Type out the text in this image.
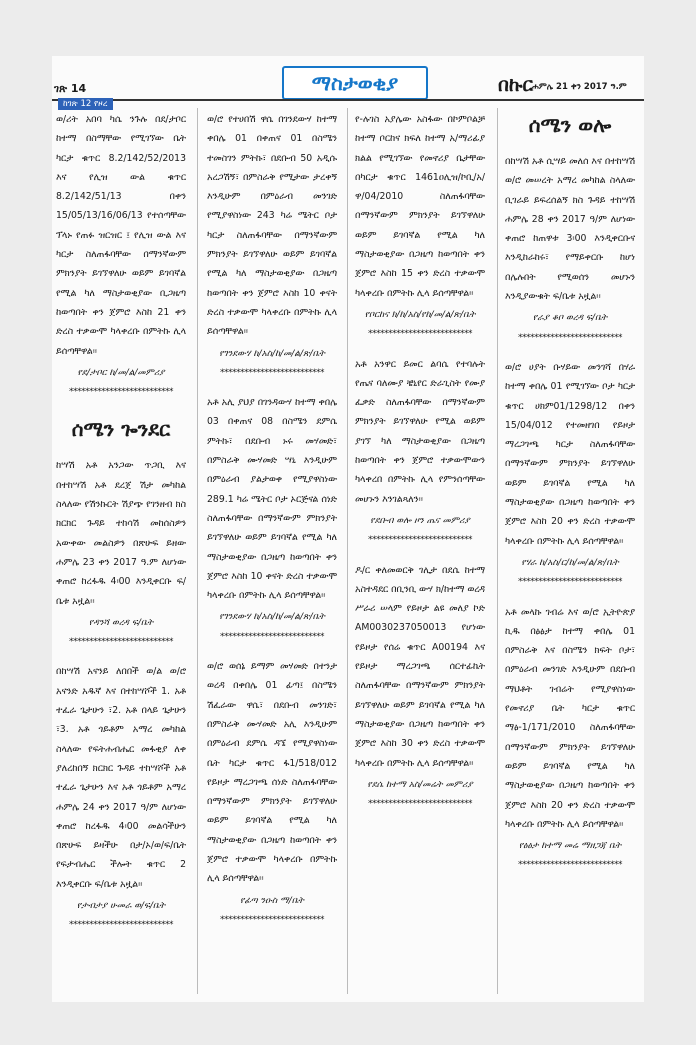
ገጽ 14	ማስታወቂያ	በኩር ሐምሌ 21 ቀን 2017 ዓ.ም
ከገጽ 12 የዞረ

ወ/ሪት አበባ ካሴ ንጉሉ በደ/ታቦር ከተማ በስማቸው የሚገኘው ቤት ካርታ ቁጥር 8.2/142/52/2013 እና የሊዝ ውል ቁጥር 8.2/142/51/13 በቀን 15/05/13/16/06/13 የተሰጣቸው ፕላኑ የጠፉ ዝርዝር ፤ የሊዝ ውል እና ካርታ ስለጠፋባቸው በማንኛውም ምክንያት ይገኘዋለሁ ወይም ይገባኛል የሚል ካለ ማስታወቂያው ቢጋዜጣ ከወጣበት ቀን ጀምሮ እስከ 21 ቀን ድረስ ተቃውሞ ካላቀረቡ በምትኩ ሊላ ይሰጣቸዋል፡፡

የደ/ታቦር ከ/መ/ል/መምሪያ
**************************
ሰሜን ጐንደር

ከሣሽ አቶ አንጋው ጥጋቢ እና በተከሣሽ አቶ ደረጀ ሽታ መካከል ስላለው የሽንኩርት ሽያጭ የገንዘብ ክስ ክርክር ጉዳይ ተከሳሽ መከሰስዎን አውቀው መልስዎን በጽሁፍ ይዘው ሐምሌ 23 ቀን 2017 ዓ.ም ለሆነው ቀጠሮ ከረፋዱ 4፡00 እንዲቀርቡ ፍ/ቤቱ አዟል፡፡

የዳንሻ ወረዳ ፍ/ቤት
**************************

በከሣሽ አናንይ ለበበች ወ/ል ወ/ሮ አናንድ አዱኛ እና በተከሣሾች 1. አቶ ተፈራ ጌታሁን ፣2. አቶ በላይ ጌታሁን ፣3. አቶ ጎይቶም አማረ መካከል ስላለው የፍትሐብሔር መፋቂያ ለቀ ያለረከበኝ ክርክር ጉዳይ ተከሣሾች አቶ ተፈራ ጌታሁን እና አቶ ጎይቶም አማረ ሐምሌ 24 ቀን 2017 ዓ/ም ለሆነው ቀጠሮ ከረፋዱ 4፡00 መልሳችሁን በጽሁፍ ይዛችሁ በታ/ኦ/ወ/ፍ/ቤት የፍታብሔር ችሎት ቁጥር 2 እንዲቀርቡ ፍ/ቤቱ አዟል፡፡

የታብታያ ሁመራ ወ/ፍ/ቤት
**************************

ወ/ሮ የተሀበሽ ዋሴ በገንደውሃ ከተማ ቀበሌ 01 በቀጠና 01 በስሜን ተመስገን ምትኩ፣ በደቡብ 50 አዲሱ አረጋሽኝ፣ በምስራቅ የሚታው ታረቀኝ እንዲሁም በምዕራብ መንገድ የሚያዋስነው 243 ካሬ ሜትር ቦታ ካርታ ስለጠፋባቸው በማንኛውም ምክንያት ይገኘዋለሁ ወይም ይገባኛል የሚል ካለ ማስታወቂያው በጋዜጣ ከወጣበት ቀን ጀምሮ እስከ 10 ቀናት ድረስ ተቃውሞ ካላቀረቡ በምትኩ ሊላ ይሰጣቸዋል፡፡

የገንደውሃ ከ/አስ/ከ/መ/ል/ጽ/ቤት
**************************

አቶ አሊ ያህያ በገንዳውሃ ከተማ ቀበሌ 03 በቀጠና 08 በስሜን ደምሴ ምትኩ፣ በደቡብ ኑሩ መሃመድ፣ በምስራቅ ሙሃመድ ሣኒ እንዲሁም በምዕራብ ያልታወቀ የሚያዋስነው 289.1 ካሬ ሜትር ቦታ ኦርጅናል ሰነድ ስለጠፋባቸው በማንኛውም ምክንያት ይገኘዋለሁ ወይም ይገባኛል የሚል ካለ ማስታወቂያው በጋዜጣ ከወጣበት ቀን ጀምሮ እስከ 10 ቀናት ድረስ ተቃውሞ ካላቀረቡ በምትኩ ሊላ ይሰጣቸዋል፡፡

የገንደውሃ ከ/አስ/ከ/መ/ል/ጽ/ቤት
**************************

ወ/ሮ ወሰኔ ይማም መሃመድ በተንታ ወረዳ በቀበሌ 01 ፊጣ፤ በስሜን ሽፈራው ዋሴ፣ በደቡብ መንገድ፣ በምስራቅ ሙሃመድ አሊ እንዲሁም በምዕራብ ደምሴ ዳኜ የሚያዋስነው ቤት ካርታ ቁጥር ፋ1/518/012 የይዞታ ማረጋገጫ ሰነድ ስለጠፋባቸው በማንኛውም ምክንያት ይገኘዋለሁ ወይም ይገባኛል የሚል ካለ ማስታወቂያው በጋዜጣ ከወጣበት ቀን ጀምሮ ተቃውሞ ካላቀረቡ በምትኩ ሊላ ይሰጣቸዋል፡፡

የፊጣ ንዑስ ማ/ቤት
**************************

የ-ሉገስ አያሌው አስፋው በኮምቦልቻ ከተማ ቦርከና ክፍለ ከተማ አ/ማሪፊያ ክልል የሚገኘው የመኖሪያ ቤታቸው በካርታ ቁጥር 1461ዐሊዝ/ኮቢ/አ/ዋ/04/2010 ስለጠፋባቸው በማንኛውም ምክንያት ይገኘዋለሁ ወይም ይገባኛል የሚል ካለ ማስታወቂያው በጋዜጣ ከወጣበት ቀን ጀምሮ እስከ 15 ቀን ድረስ ተቃውሞ ካላቀረቡ በምትኩ ሊላ ይሰጣቸዋል፡፡

የቦርከና ክ/ከ/አስ/የከ/መ/ል/ጽ/ቤት
**************************

አቶ አንዋር ይመር ልባሴ የተባሉት የጤና ባለሙያ ቼኒየር ድራጊስት የሙያ ፈቃድ ስለጠፋባቸው በማንኛውም ምክንያት ይገኘዋለሁ የሚል ወይም ያገኘ ካለ ማስታወቂያው በጋዜጣ ከወጣበት ቀን ጀምሮ ተቃውሞውን ካላቀረበ በምትኩ ሊላ የምንሰጣቸው መሆኑን እንገልጻለን፡፡

የደቡብ ወሎ ዞን ጤና መምሪያ
**************************

ዶ/ር ቀለመወርቅ ገሊታ በደሴ ከተማ አስተዳደር በቢንቢ ውሃ ክ/ከተማ ወረዳ ሥራሪ ሠላም የይዞታ ልዩ መለያ ኮድ AM0030237050013 የሆነው የይዞታ የሰሬ ቁጥር A00194 እና የይዞታ ማረጋገጫ ሰርተፊኬት ስለጠፋባቸው በማንኛውም ምክንያት ይገኘዋለሁ ወይም ይገባኛል የሚል ካለ ማስታወቂያው በጋዜጣ ከወጣበት ቀን ጀምሮ እስከ 30 ቀን ድረስ ተቃውሞ ካላቀረቡ በምትኩ ሊላ ይሰጣቸዋል፡፡

የደሴ ከተማ አስ/መሬት መምሪያ
**************************
ሰሜን ወሎ

በከሣሽ አቶ ሲሣይ መለሰ እና በተከሣሽ ወ/ሮ መሠረት አማረ መካከል ስላለው ቢገራይ ይፍረሰልኝ ክስ ጉዳይ ተከሣሽ ሐምሌ 28 ቀን 2017 ዓ/ም ለሆነው ቀጠሮ ከጠዋቱ 3፡00 እንዲቀርቡና እንዲከራከሩ፣ የማይቀርቡ ከሆነ በሌሉበት የሚወሰን መሆኑን እንዲያውቁት ፍ/ቤቱ አዟል፡፡

የራያ ቆቦ ወረዳ ፍ/ቤት
**************************

ወ/ሮ ሀያት ቡሃይው መንገሻ በሃራ ከተማ ቀበሌ 01 የሚገኘው ቦታ ካርታ ቁጥር ሀክም01/1298/12 በቀን 15/04/012 የተመዘገበ የይዞታ ማረጋገጫ ካርታ ስለጠፋባቸው በማንኛውም ምክንያት ይገኘዋለሁ ወይም ይገባኛል የሚል ካለ ማስታወቂያው በጋዜጣ ከወጣበት ቀን ጀምሮ እስከ 20 ቀን ድረስ ተቃውሞ ካላቀረቡ በምትኩ ሊላ ይሰጣቸዋል፡፡

የሃራ ከ/አስ/ር/ከ/መ/ል/ጽ/ቤት
**************************

አቶ መላኩ ገብሬ እና ወ/ሮ ኢትዮጵያ ኪዱ በፅፅታ ከተማ ቀበሌ 01 በምስራቅ እና በስሜን ክፍት ቦታ፣ በምዕራብ መንገድ እንዲሁም በደቡብ ማህቶት ገብሬት የሚያዋስነው የመኖሪያ ቤት ካርታ ቁጥር ማፅ-1/171/2010 ስለጠፋባቸው በማንኛውም ምክንያት ይገኘዋለሁ ወይም ይገባኛል የሚል ካለ ማስታወቂያው በጋዜጣ ከወጣበት ቀን ጀምሮ እስከ 20 ቀን ድረስ ተቃውሞ ካላቀረቡ በምትኩ ሊላ ይሰጣቸዋል፡፡

የፅፅታ ከተማ መሬ ማዘጋጃ ቤት
**************************
